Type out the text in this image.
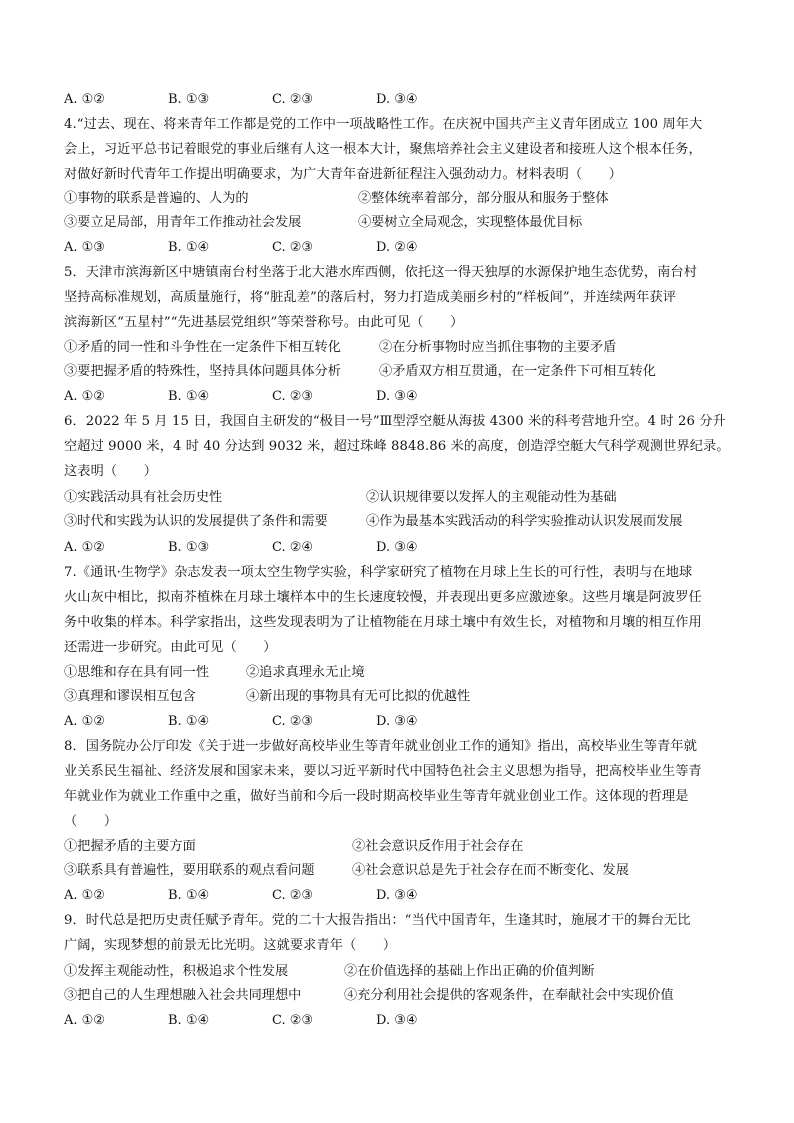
A. ①②	B. ①③	C. ②③	D. ③④
4.“过去、现在、将来青年工作都是党的工作中一项战略性工作。在庆祝中国共产主义青年团成立 100 周年大
会上，习近平总书记着眼党的事业后继有人这一根本大计，聚焦培养社会主义建设者和接班人这个根本任务，
对做好新时代青年工作提出明确要求，为广大青年奋进新征程注入强劲动力。材料表明（　　）
①事物的联系是普遍的、人为的	②整体统率着部分，部分服从和服务于整体
③要立足局部，用青年工作推动社会发展	④要树立全局观念，实现整体最优目标
A. ①③	B. ①④	C. ②③	D. ②④
5．天津市滨海新区中塘镇南台村坐落于北大港水库西侧，依托这一得天独厚的水源保护地生态优势，南台村
坚持高标准规划，高质量施行，将“脏乱差”的落后村，努力打造成美丽乡村的“样板间”，并连续两年获评
滨海新区“五星村”“先进基层党组织”等荣誉称号。由此可见（　　）
①矛盾的同一性和斗争性在一定条件下相互转化	②在分析事物时应当抓住事物的主要矛盾
③要把握矛盾的特殊性，坚持具体问题具体分析	④矛盾双方相互贯通，在一定条件下可相互转化
A. ①②	B. ①④	C. ②③	D. ③④
6．2022 年 5 月 15 日，我国自主研发的“极目一号”Ⅲ型浮空艇从海拔 4300 米的科考营地升空。4 时 26 分升
空超过 9000 米，4 时 40 分达到 9032 米，超过珠峰 8848.86 米的高度，创造浮空艇大气科学观测世界纪录。
这表明（　　）
①实践活动具有社会历史性	②认识规律要以发挥人的主观能动性为基础
③时代和实践为认识的发展提供了条件和需要	④作为最基本实践活动的科学实验推动认识发展而发展
A. ①②	B. ①③	C. ②④	D. ③④
7.《通讯·生物学》杂志发表一项太空生物学实验，科学家研究了植物在月球上生长的可行性，表明与在地球
火山灰中相比，拟南芥植株在月球土壤样本中的生长速度较慢，并表现出更多应激迹象。这些月壤是阿波罗任
务中收集的样本。科学家指出，这些发现表明为了让植物能在月球土壤中有效生长，对植物和月壤的相互作用
还需进一步研究。由此可见（　　）
①思维和存在具有同一性	②追求真理永无止境
③真理和谬误相互包含	④新出现的事物具有无可比拟的优越性
A. ①②	B. ①④	C. ②③	D. ③④
8．国务院办公厅印发《关于进一步做好高校毕业生等青年就业创业工作的通知》指出，高校毕业生等青年就
业关系民生福祉、经济发展和国家未来，要以习近平新时代中国特色社会主义思想为指导，把高校毕业生等青
年就业作为就业工作重中之重，做好当前和今后一段时期高校毕业生等青年就业创业工作。这体现的哲理是
（　　）
①把握矛盾的主要方面	②社会意识反作用于社会存在
③联系具有普遍性，要用联系的观点看问题	④社会意识总是先于社会存在而不断变化、发展
A. ①②	B. ①④	C. ②③	D. ③④
9．时代总是把历史责任赋予青年。党的二十大报告指出：“当代中国青年，生逢其时，施展才干的舞台无比
广阔，实现梦想的前景无比光明。这就要求青年（　　）
①发挥主观能动性，积极追求个性发展	②在价值选择的基础上作出正确的价值判断
③把自己的人生理想融入社会共同理想中	④充分利用社会提供的客观条件，在奉献社会中实现价值
A. ①②	B. ①④	C. ②③	D. ③④
